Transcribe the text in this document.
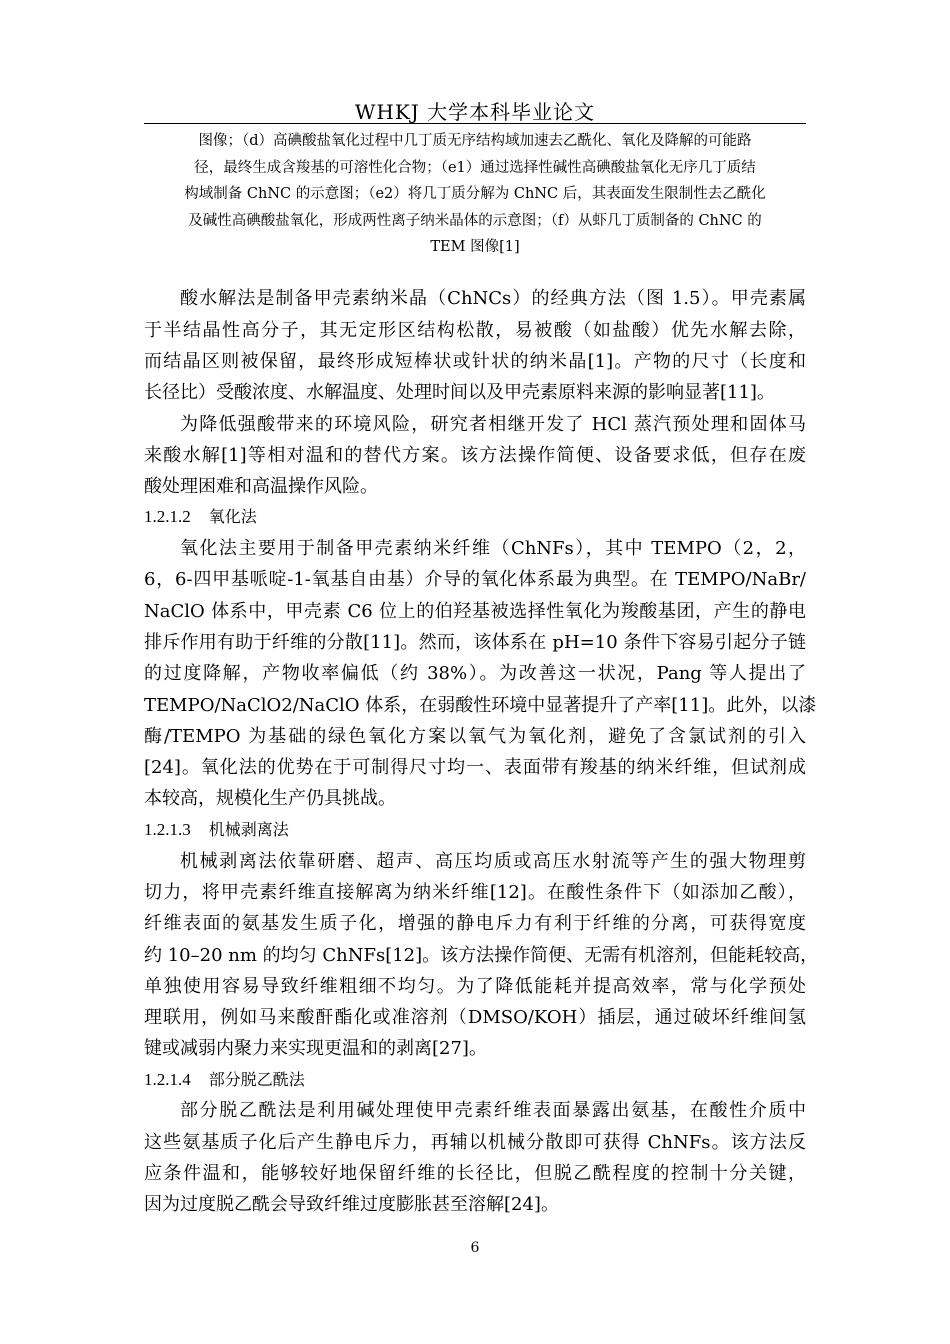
WHKJ 大学本科毕业论文
图像；（d）高碘酸盐氧化过程中几丁质无序结构域加速去乙酰化、氧化及降解的可能路
径，最终生成含羧基的可溶性化合物；（e1）通过选择性碱性高碘酸盐氧化无序几丁质结
构域制备 ChNC 的示意图；（e2）将几丁质分解为 ChNC 后，其表面发生限制性去乙酰化
及碱性高碘酸盐氧化，形成两性离子纳米晶体的示意图；（f）从虾几丁质制备的 ChNC 的
TEM 图像[1]
酸水解法是制备甲壳素纳米晶（ChNCs）的经典方法（图 1.5）。甲壳素属
于半结晶性高分子，其无定形区结构松散，易被酸（如盐酸）优先水解去除，
而结晶区则被保留，最终形成短棒状或针状的纳米晶[1]。产物的尺寸（长度和
长径比）受酸浓度、水解温度、处理时间以及甲壳素原料来源的影响显著[11]。
为降低强酸带来的环境风险，研究者相继开发了 HCl 蒸汽预处理和固体马
来酸水解[1]等相对温和的替代方案。该方法操作简便、设备要求低，但存在废
酸处理困难和高温操作风险。
1.2.1.2 氧化法
氧化法主要用于制备甲壳素纳米纤维（ChNFs），其中 TEMPO（2，2，
6，6-四甲基哌啶-1-氧基自由基）介导的氧化体系最为典型。在 TEMPO/NaBr/
NaClO 体系中，甲壳素 C6 位上的伯羟基被选择性氧化为羧酸基团，产生的静电
排斥作用有助于纤维的分散[11]。然而，该体系在 pH=10 条件下容易引起分子链
的过度降解，产物收率偏低（约 38%）。为改善这一状况，Pang 等人提出了
TEMPO/NaClO2/NaClO 体系，在弱酸性环境中显著提升了产率[11]。此外，以漆
酶/TEMPO 为基础的绿色氧化方案以氧气为氧化剂，避免了含氯试剂的引入
[24]。氧化法的优势在于可制得尺寸均一、表面带有羧基的纳米纤维，但试剂成
本较高，规模化生产仍具挑战。
1.2.1.3 机械剥离法
机械剥离法依靠研磨、超声、高压均质或高压水射流等产生的强大物理剪
切力，将甲壳素纤维直接解离为纳米纤维[12]。在酸性条件下（如添加乙酸），
纤维表面的氨基发生质子化，增强的静电斥力有利于纤维的分离，可获得宽度
约 10–20 nm 的均匀 ChNFs[12]。该方法操作简便、无需有机溶剂，但能耗较高，
单独使用容易导致纤维粗细不均匀。为了降低能耗并提高效率，常与化学预处
理联用，例如马来酸酐酯化或准溶剂（DMSO/KOH）插层，通过破坏纤维间氢
键或减弱内聚力来实现更温和的剥离[27]。
1.2.1.4 部分脱乙酰法
部分脱乙酰法是利用碱处理使甲壳素纤维表面暴露出氨基，在酸性介质中
这些氨基质子化后产生静电斥力，再辅以机械分散即可获得 ChNFs。该方法反
应条件温和，能够较好地保留纤维的长径比，但脱乙酰程度的控制十分关键，
因为过度脱乙酰会导致纤维过度膨胀甚至溶解[24]。
6
